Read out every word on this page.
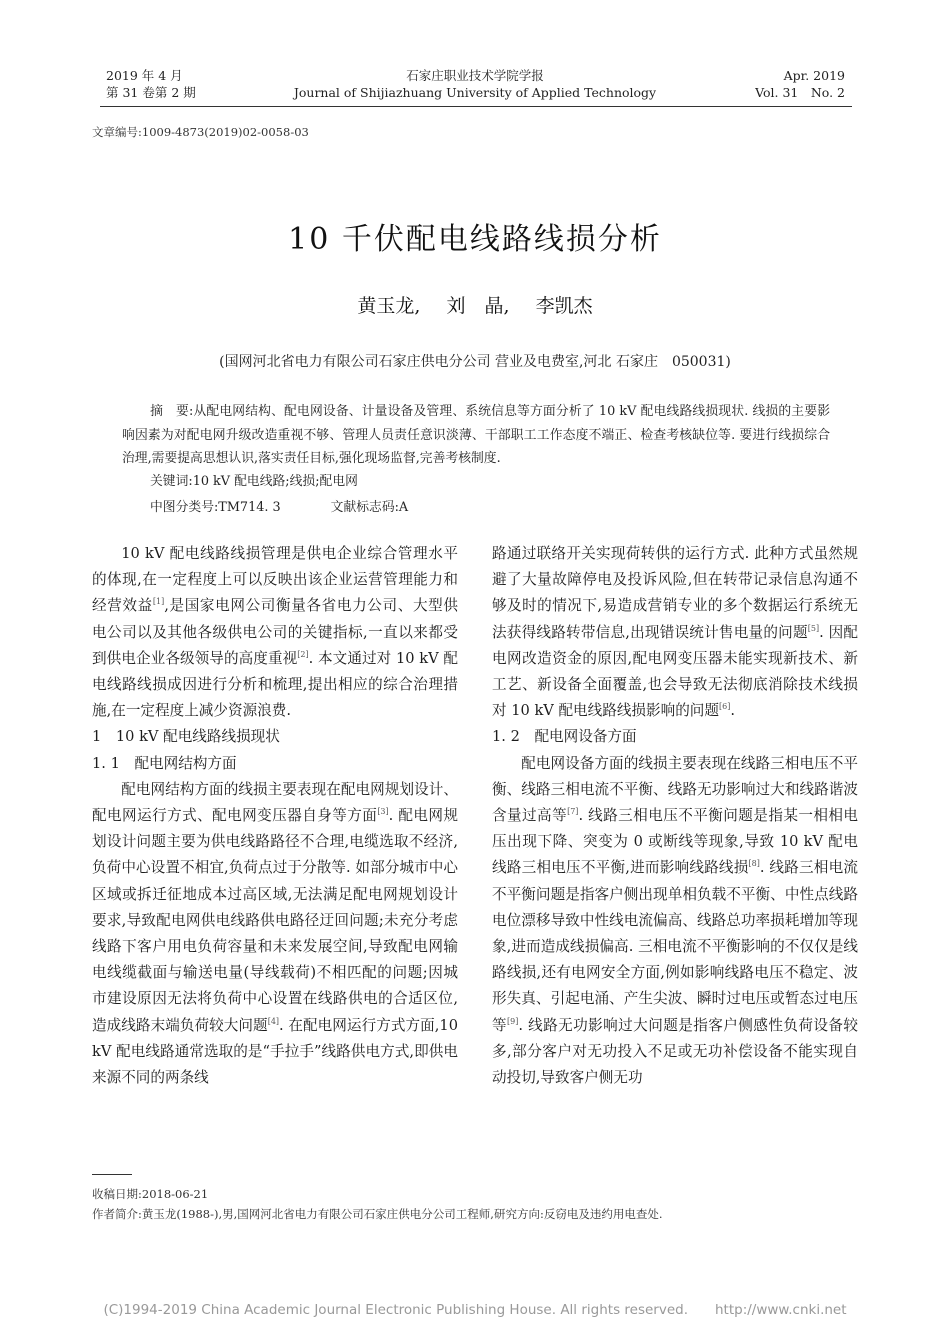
2019 年 4 月
第 31 卷第 2 期
石家庄职业技术学院学报
Journal of Shijiazhuang University of Applied Technology
Apr. 2019
Vol. 31　No. 2
文章编号:1009-4873(2019)02-0058-03
10 千伏配电线路线损分析
黄玉龙, 刘　晶, 李凯杰
(国网河北省电力有限公司石家庄供电分公司 营业及电费室,河北 石家庄　050031)
摘　要:从配电网结构、配电网设备、计量设备及管理、系统信息等方面分析了 10 kV 配电线路线损现状. 线损的主要影响因素为对配电网升级改造重视不够、管理人员责任意识淡薄、干部职工工作态度不端正、检查考核缺位等. 要进行线损综合治理,需要提高思想认识,落实责任目标,强化现场监督,完善考核制度.
关键词:10 kV 配电线路;线损;配电网
中图分类号:TM714. 3	文献标志码:A

10 kV 配电线路线损管理是供电企业综合管理水平的体现,在一定程度上可以反映出该企业运营管理能力和经营效益[1],是国家电网公司衡量各省电力公司、大型供电公司以及其他各级供电公司的关键指标,一直以来都受到供电企业各级领导的高度重视[2]. 本文通过对 10 kV 配电线路线损成因进行分析和梳理,提出相应的综合治理措施,在一定程度上减少资源浪费.

1　10 kV 配电线路线损现状

1. 1　配电网结构方面

配电网结构方面的线损主要表现在配电网规划设计、配电网运行方式、配电网变压器自身等方面[3]. 配电网规划设计问题主要为供电线路路径不合理,电缆选取不经济,负荷中心设置不相宜,负荷点过于分散等. 如部分城市中心区域或拆迁征地成本过高区域,无法满足配电网规划设计要求,导致配电网供电线路供电路径迂回问题;未充分考虑线路下客户用电负荷容量和未来发展空间,导致配电网输电线缆截面与输送电量(导线载荷)不相匹配的问题;因城市建设原因无法将负荷中心设置在线路供电的合适区位,造成线路末端负荷较大问题[4]. 在配电网运行方式方面,10 kV 配电线路通常选取的是“手拉手”线路供电方式,即供电来源不同的两条线

路通过联络开关实现荷转供的运行方式. 此种方式虽然规避了大量故障停电及投诉风险,但在转带记录信息沟通不够及时的情况下,易造成营销专业的多个数据运行系统无法获得线路转带信息,出现错误统计售电量的问题[5]. 因配电网改造资金的原因,配电网变压器未能实现新技术、新工艺、新设备全面覆盖,也会导致无法彻底消除技术线损对 10 kV 配电线路线损影响的问题[6].

1. 2　配电网设备方面

配电网设备方面的线损主要表现在线路三相电压不平衡、线路三相电流不平衡、线路无功影响过大和线路谐波含量过高等[7]. 线路三相电压不平衡问题是指某一相相电压出现下降、突变为 0 或断线等现象,导致 10 kV 配电线路三相电压不平衡,进而影响线路线损[8]. 线路三相电流不平衡问题是指客户侧出现单相负载不平衡、中性点线路电位漂移导致中性线电流偏高、线路总功率损耗增加等现象,进而造成线损偏高. 三相电流不平衡影响的不仅仅是线路线损,还有电网安全方面,例如影响线路电压不稳定、波形失真、引起电涌、产生尖波、瞬时过电压或暂态过电压等[9]. 线路无功影响过大问题是指客户侧感性负荷设备较多,部分客户对无功投入不足或无功补偿设备不能实现自动投切,导致客户侧无功

收稿日期:2018-06-21
作者简介:黄玉龙(1988-),男,国网河北省电力有限公司石家庄供电分公司工程师,研究方向:反窃电及违约用电查处.
(C)1994-2019 China Academic Journal Electronic Publishing House. All rights reserved.　　http://www.cnki.net
